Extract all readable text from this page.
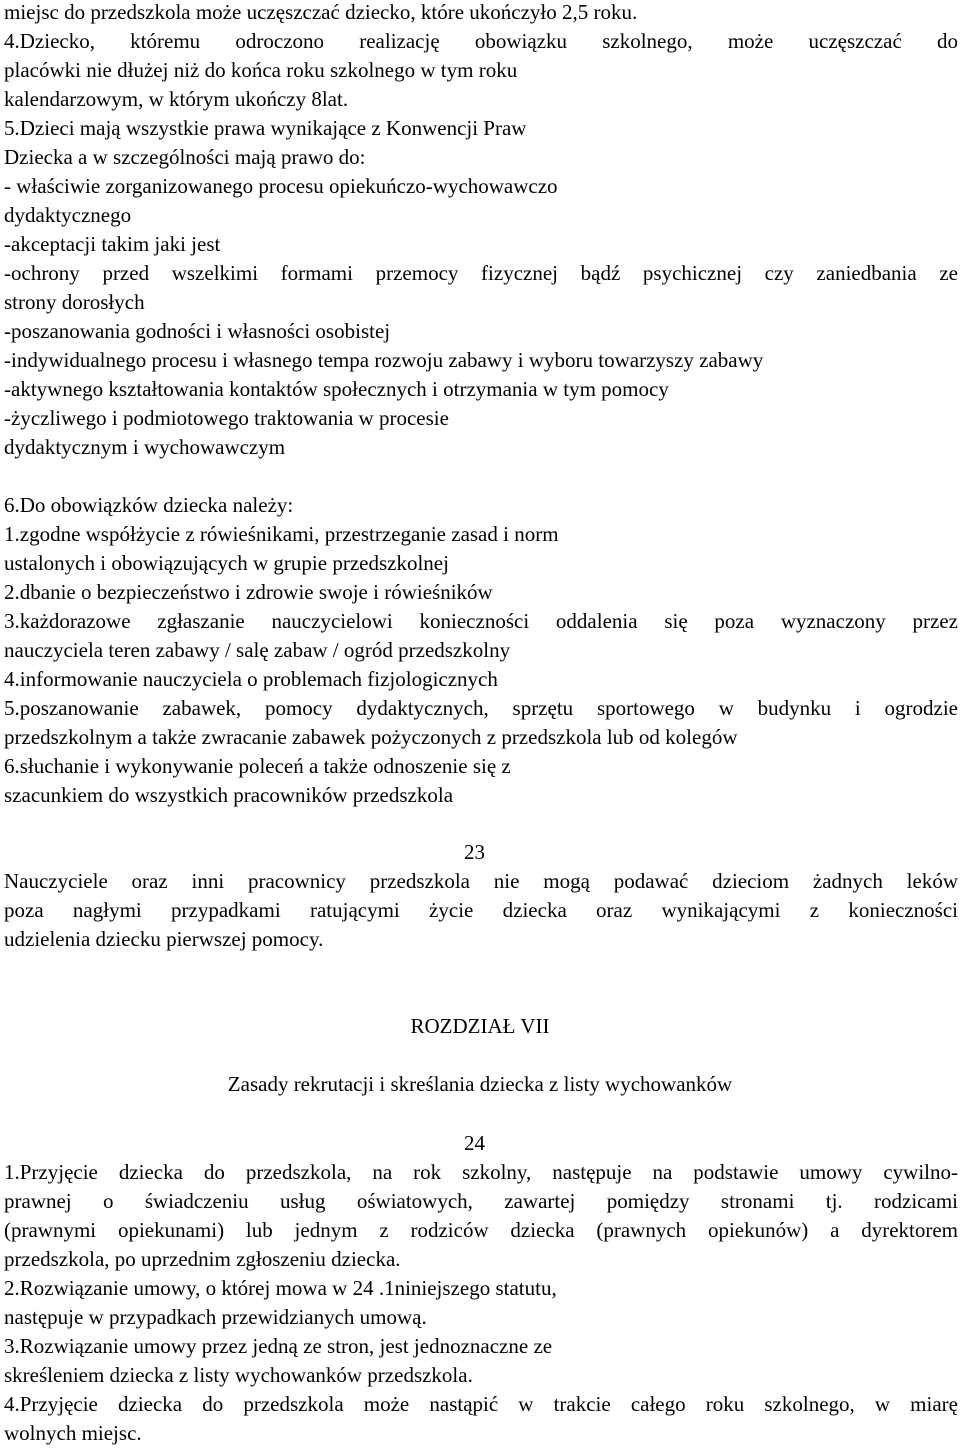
miejsc do przedszkola może uczęszczać dziecko, które ukończyło 2,5 roku.
4.Dziecko, któremu odroczono realizację obowiązku szkolnego, może uczęszczać do
placówki nie dłużej niż do końca roku szkolnego w tym roku
kalendarzowym, w którym ukończy 8lat.
5.Dzieci mają wszystkie prawa wynikające z Konwencji Praw
Dziecka a w szczególności mają prawo do:
- właściwie zorganizowanego procesu opiekuńczo-wychowawczo
dydaktycznego
-akceptacji takim jaki jest
-ochrony przed wszelkimi formami przemocy fizycznej bądź psychicznej czy zaniedbania ze
strony dorosłych
-poszanowania godności i własności osobistej
-indywidualnego procesu i własnego tempa rozwoju zabawy i wyboru towarzyszy zabawy
-aktywnego kształtowania kontaktów społecznych i otrzymania w tym pomocy
-życzliwego i podmiotowego traktowania w procesie
dydaktycznym i wychowawczym
6.Do obowiązków dziecka należy:
1.zgodne współżycie z rówieśnikami, przestrzeganie zasad i norm
ustalonych i obowiązujących w grupie przedszkolnej
2.dbanie o bezpieczeństwo i zdrowie swoje i rówieśników
3.każdorazowe zgłaszanie nauczycielowi konieczności oddalenia się poza wyznaczony przez
nauczyciela teren zabawy / salę zabaw / ogród przedszkolny
4.informowanie nauczyciela o problemach fizjologicznych
5.poszanowanie zabawek, pomocy dydaktycznych, sprzętu sportowego w budynku i ogrodzie
przedszkolnym a także zwracanie zabawek pożyczonych z przedszkola lub od kolegów
6.słuchanie i wykonywanie poleceń a także odnoszenie się z
szacunkiem do wszystkich pracowników przedszkola
23
Nauczyciele oraz inni pracownicy przedszkola nie mogą podawać dzieciom żadnych leków
poza nagłymi przypadkami ratującymi życie dziecka oraz wynikającymi z konieczności
udzielenia dziecku pierwszej pomocy.
ROZDZIAŁ VII
Zasady rekrutacji i skreślania dziecka z listy wychowanków
24
1.Przyjęcie dziecka do przedszkola, na rok szkolny, następuje na podstawie umowy cywilno-
prawnej o świadczeniu usług oświatowych, zawartej pomiędzy stronami tj. rodzicami
(prawnymi opiekunami) lub jednym z rodziców dziecka (prawnych opiekunów) a dyrektorem
przedszkola, po uprzednim zgłoszeniu dziecka.
2.Rozwiązanie umowy, o której mowa w 24 .1niniejszego statutu,
następuje w przypadkach przewidzianych umową.
3.Rozwiązanie umowy przez jedną ze stron, jest jednoznaczne ze
skreśleniem dziecka z listy wychowanków przedszkola.
4.Przyjęcie dziecka do przedszkola może nastąpić w trakcie całego roku szkolnego, w miarę
wolnych miejsc.
